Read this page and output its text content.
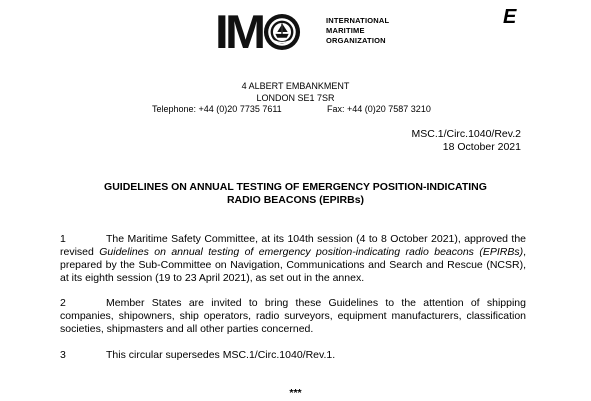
I M	INTERNATIONAL
MARITIME
ORGANIZATION
E
4 ALBERT EMBANKMENT
LONDON SE1 7SR
Telephone: +44 (0)20 7735 7611	Fax: +44 (0)20 7587 3210
MSC.1/Circ.1040/Rev.2
18 October 2021
GUIDELINES ON ANNUAL TESTING OF EMERGENCY POSITION-INDICATING
RADIO BEACONS (EPIRBs)
1	The Maritime Safety Committee, at its 104th session (4 to 8 October 2021), approved the revised Guidelines on annual testing of emergency position-indicating radio beacons (EPIRBs), prepared by the Sub-Committee on Navigation, Communications and Search and Rescue (NCSR), at its eighth session (19 to 23 April 2021), as set out in the annex.
2	Member States are invited to bring these Guidelines to the attention of shipping companies, shipowners, ship operators, radio surveyors, equipment manufacturers, classification societies, shipmasters and all other parties concerned.
3	This circular supersedes MSC.1/Circ.1040/Rev.1.
***
